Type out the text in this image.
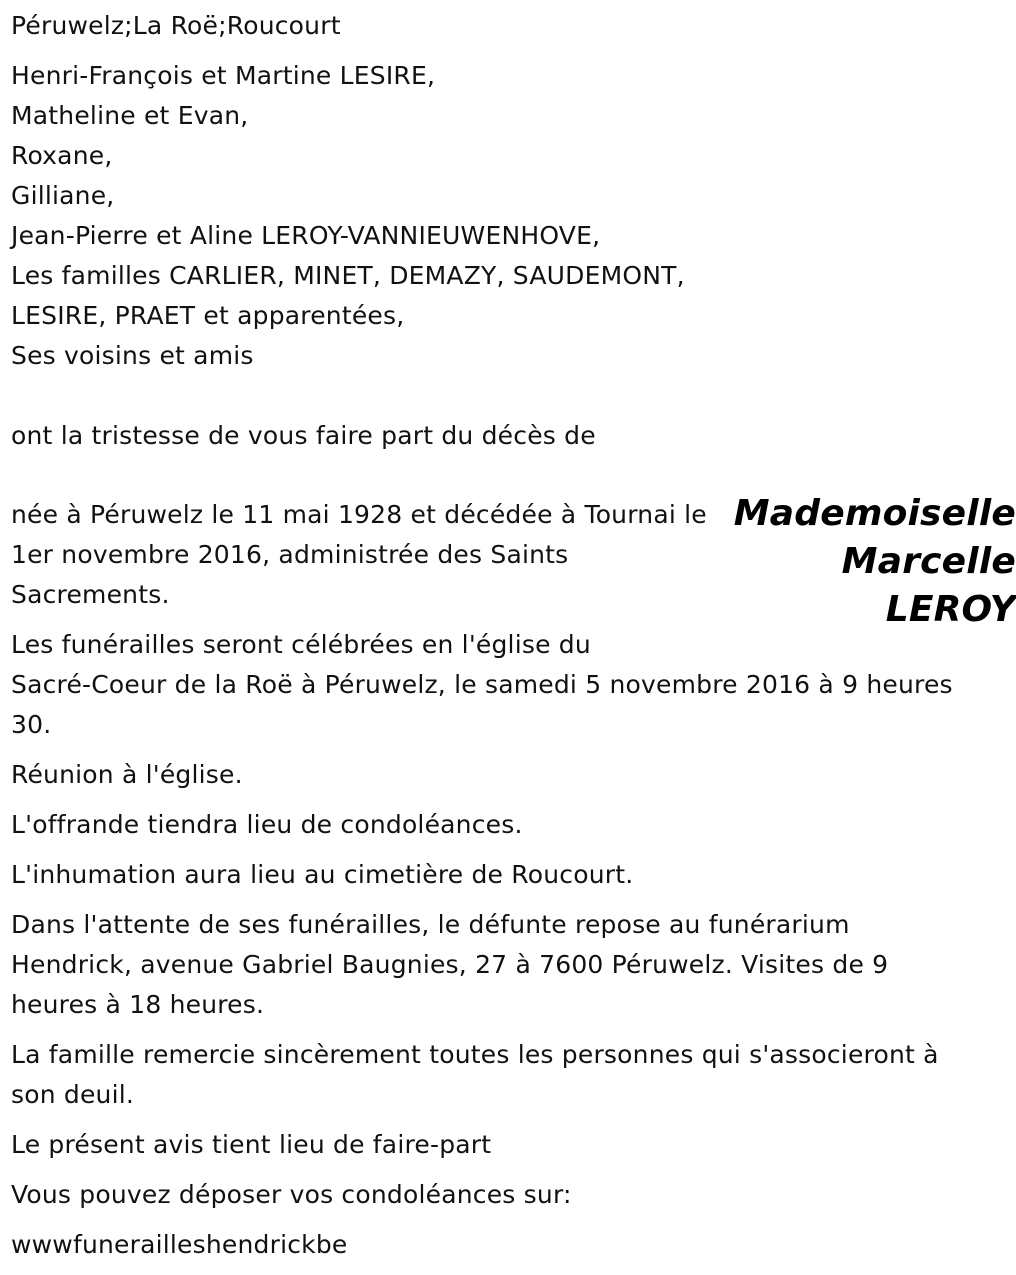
Péruwelz;La Roë;Roucourt
Henri-François et Martine LESIRE,
Matheline et Evan,
Roxane,
Gilliane,
Jean-Pierre et Aline LEROY-VANNIEUWENHOVE,
Les familles CARLIER, MINET, DEMAZY, SAUDEMONT,
LESIRE, PRAET et apparentées,
Ses voisins et amis
ont la tristesse de vous faire part du décès de
née à Péruwelz le 11 mai 1928 et décédée à Tournai le
1er novembre 2016, administrée des Saints
Sacrements.
Mademoiselle
Marcelle
LEROY
Les funérailles seront célébrées en l'église du
Sacré-Coeur de la Roë à Péruwelz, le samedi 5 novembre 2016 à 9 heures
30.
Réunion à l'église.
L'offrande tiendra lieu de condoléances.
L'inhumation aura lieu au cimetière de Roucourt.
Dans l'attente de ses funérailles, le défunte repose au funérarium
Hendrick, avenue Gabriel Baugnies, 27 à 7600 Péruwelz. Visites de 9
heures à 18 heures.
La famille remercie sincèrement toutes les personnes qui s'associeront à
son deuil.
Le présent avis tient lieu de faire-part
Vous pouvez déposer vos condoléances sur:
wwwfunerailleshendrickbe
